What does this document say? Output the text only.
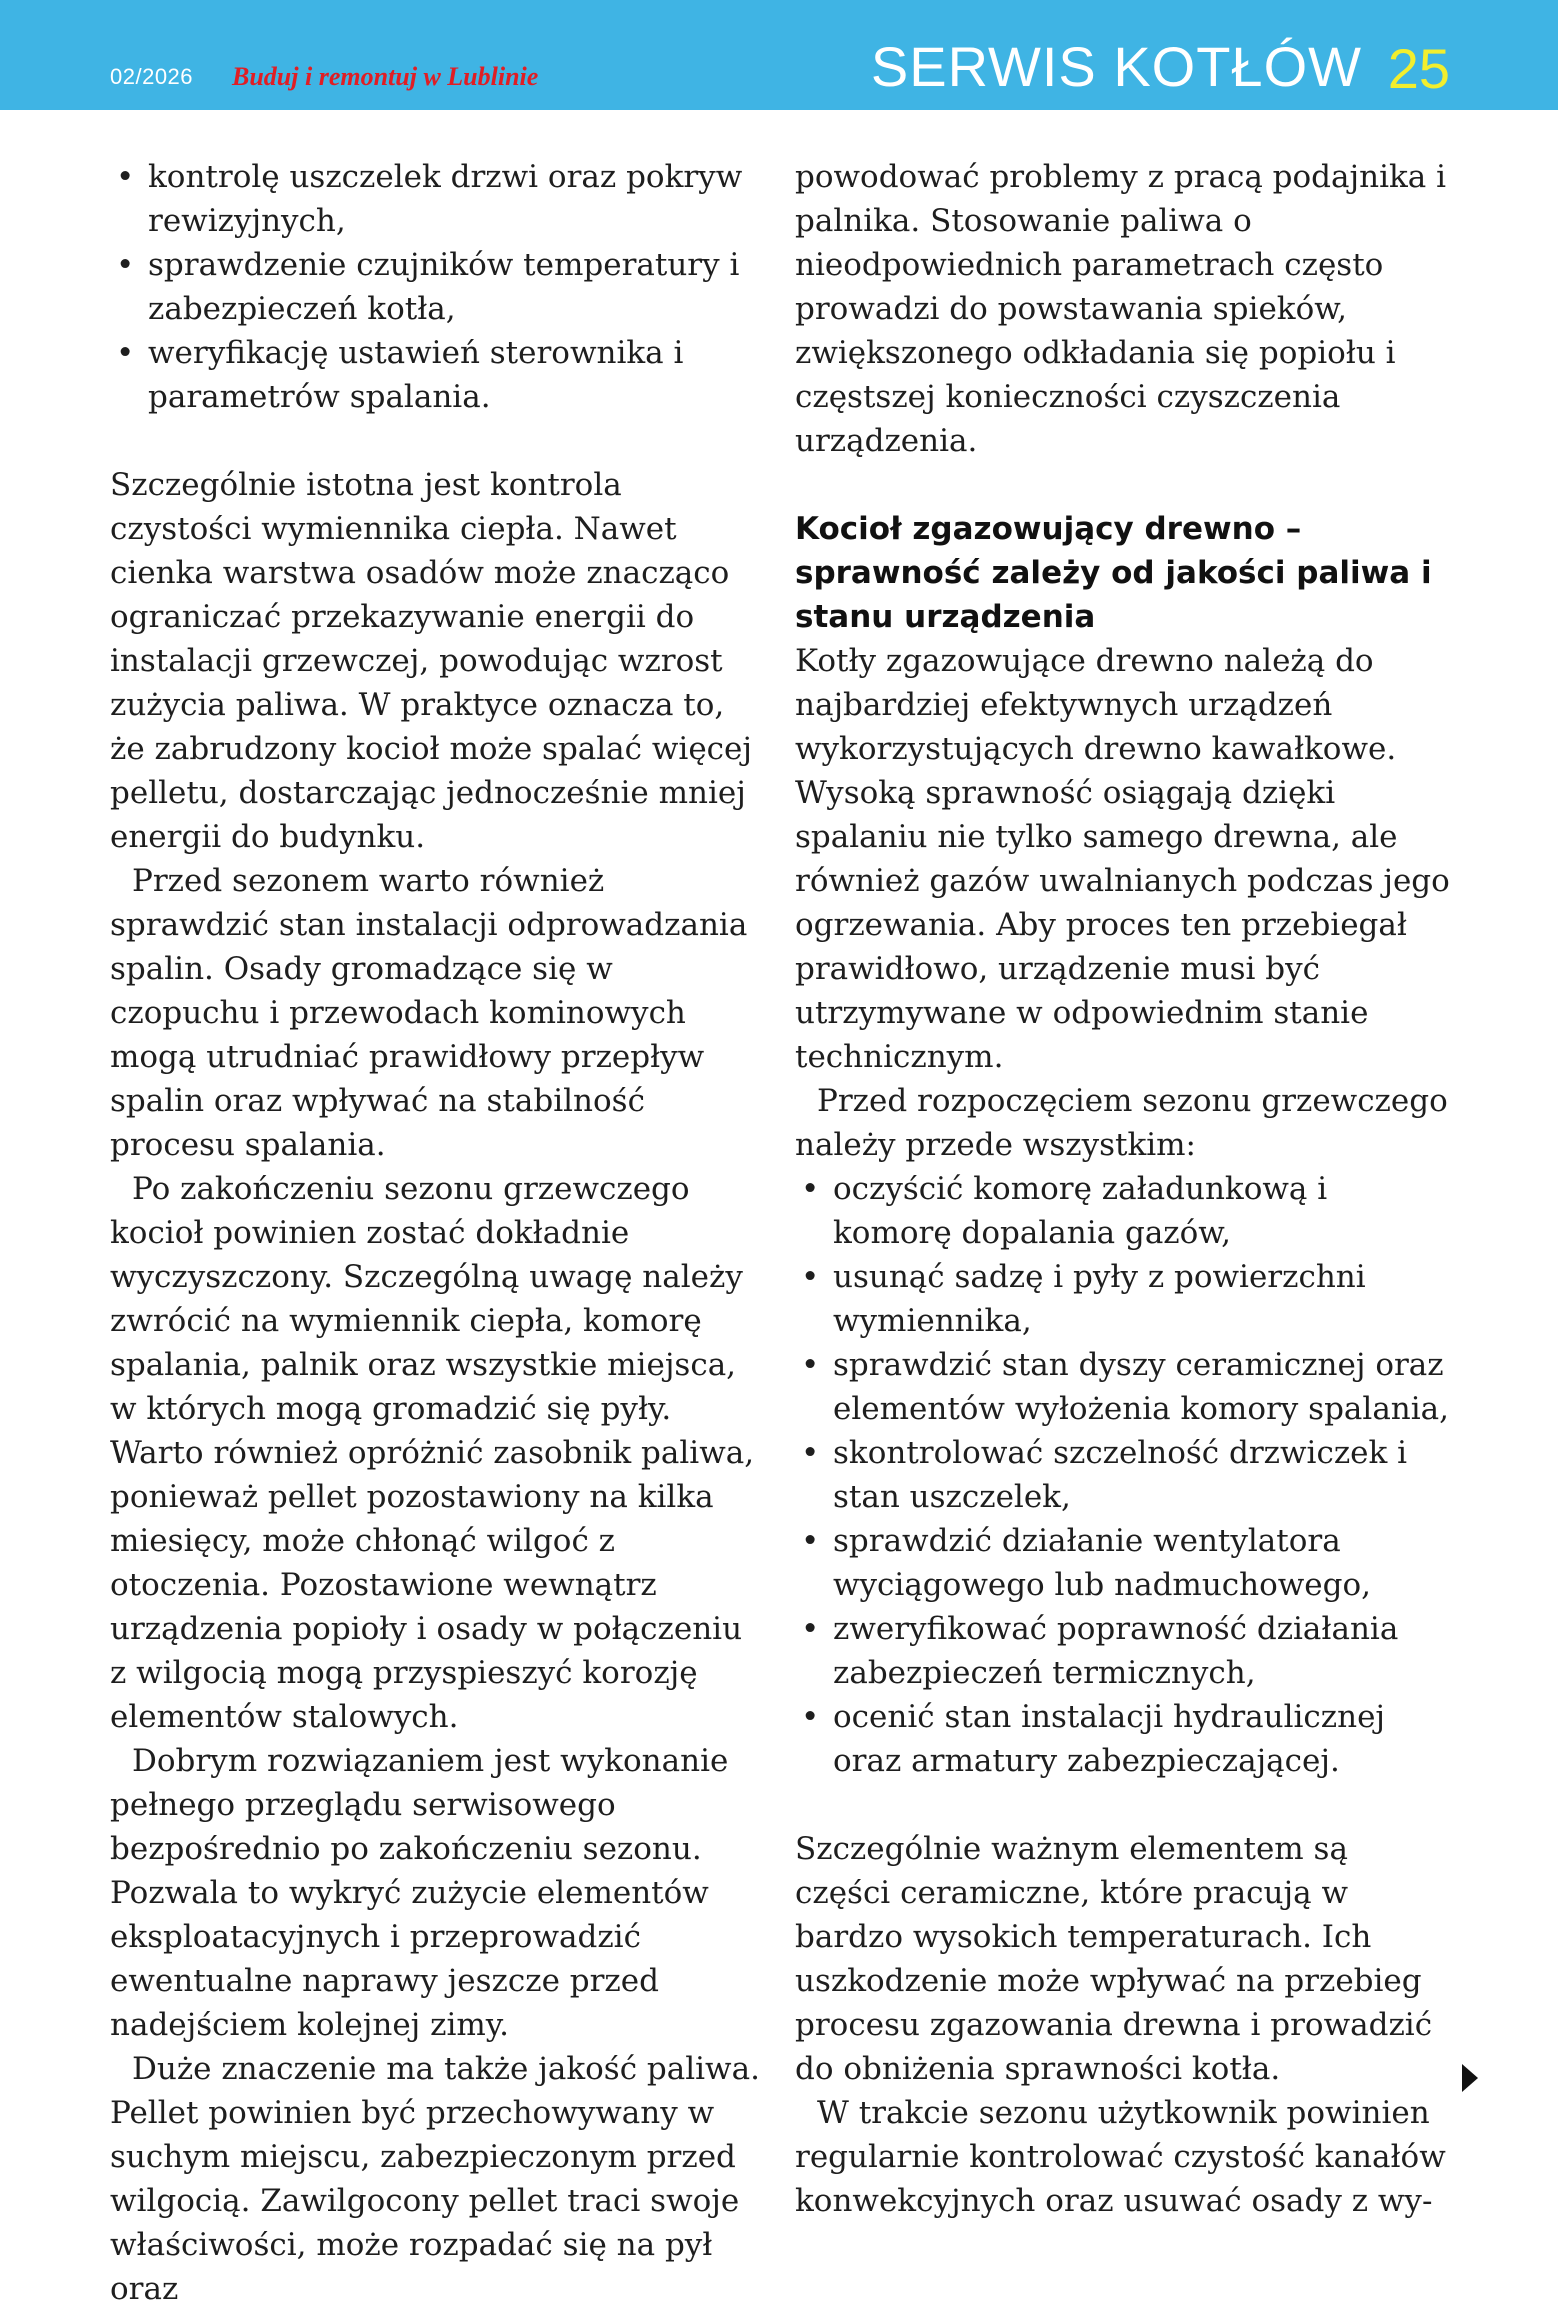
02/2026 Buduj i remontuj w Lublinie	SERWIS KOTŁÓW 25
• kontrolę uszczelek drzwi oraz pokryw rewizyjnych,
• sprawdzenie czujników temperatury i zabezpieczeń kotła,
• weryfikację ustawień sterownika i parametrów spalania.

Szczególnie istotna jest kontrola czystości wymiennika ciepła. Nawet cienka warstwa osadów może znacząco ograniczać przekazywanie energii do instalacji grzewczej, powodując wzrost zużycia paliwa. W praktyce oznacza to, że zabrudzony kocioł może spalać więcej pelletu, dostarczając jednocześnie mniej energii do budynku.

Przed sezonem warto również sprawdzić stan instalacji odprowadzania spalin. Osady gromadzące się w czopuchu i przewodach kominowych mogą utrudniać prawidłowy przepływ spalin oraz wpływać na stabilność procesu spalania.

Po zakończeniu sezonu grzewczego kocioł powinien zostać dokładnie wyczyszczony. Szczególną uwagę należy zwrócić na wymiennik ciepła, komorę spalania, palnik oraz wszystkie miejsca, w których mogą gromadzić się pyły. Warto również opróżnić zasobnik paliwa, ponieważ pellet pozostawiony na kilka miesięcy, może chłonąć wilgoć z otoczenia. Pozostawione wewnątrz urządzenia popioły i osady w połączeniu z wilgocią mogą przyspieszyć korozję elementów stalowych.

Dobrym rozwiązaniem jest wykonanie pełnego przeglądu serwisowego bezpośrednio po zakończeniu sezonu. Pozwala to wykryć zużycie elementów eksploatacyjnych i przeprowadzić ewentualne naprawy jeszcze przed nadejściem kolejnej zimy.

Duże znaczenie ma także jakość paliwa. Pellet powinien być przechowywany w suchym miejscu, zabezpieczonym przed wilgocią. Zawilgocony pellet traci swoje właściwości, może rozpadać się na pył oraz

powodować problemy z pracą podajnika i palnika. Stosowanie paliwa o nieodpowiednich parametrach często prowadzi do powstawania spieków, zwiększonego odkładania się popiołu i częstszej konieczności czyszczenia urządzenia.

Kocioł zgazowujący drewno – sprawność zależy od jakości paliwa i stanu urządzenia

Kotły zgazowujące drewno należą do najbardziej efektywnych urządzeń wykorzystujących drewno kawałkowe. Wysoką sprawność osiągają dzięki spalaniu nie tylko samego drewna, ale również gazów uwalnianych podczas jego ogrzewania. Aby proces ten przebiegał prawidłowo, urządzenie musi być utrzymywane w odpowiednim stanie technicznym.

Przed rozpoczęciem sezonu grzewczego należy przede wszystkim:

• oczyścić komorę załadunkową i komorę dopalania gazów,
• usunąć sadzę i pyły z powierzchni wymiennika,
• sprawdzić stan dyszy ceramicznej oraz elementów wyłożenia komory spalania,
• skontrolować szczelność drzwiczek i stan uszczelek,
• sprawdzić działanie wentylatora wyciągowego lub nadmuchowego,
• zweryfikować poprawność działania zabezpieczeń termicznych,
• ocenić stan instalacji hydraulicznej oraz armatury zabezpieczającej.

Szczególnie ważnym elementem są części ceramiczne, które pracują w bardzo wysokich temperaturach. Ich uszkodzenie może wpływać na przebieg procesu zgazowania drewna i prowadzić do obniżenia sprawności kotła.

W trakcie sezonu użytkownik powinien regularnie kontrolować czystość kanałów konwekcyjnych oraz usuwać osady z wy-
